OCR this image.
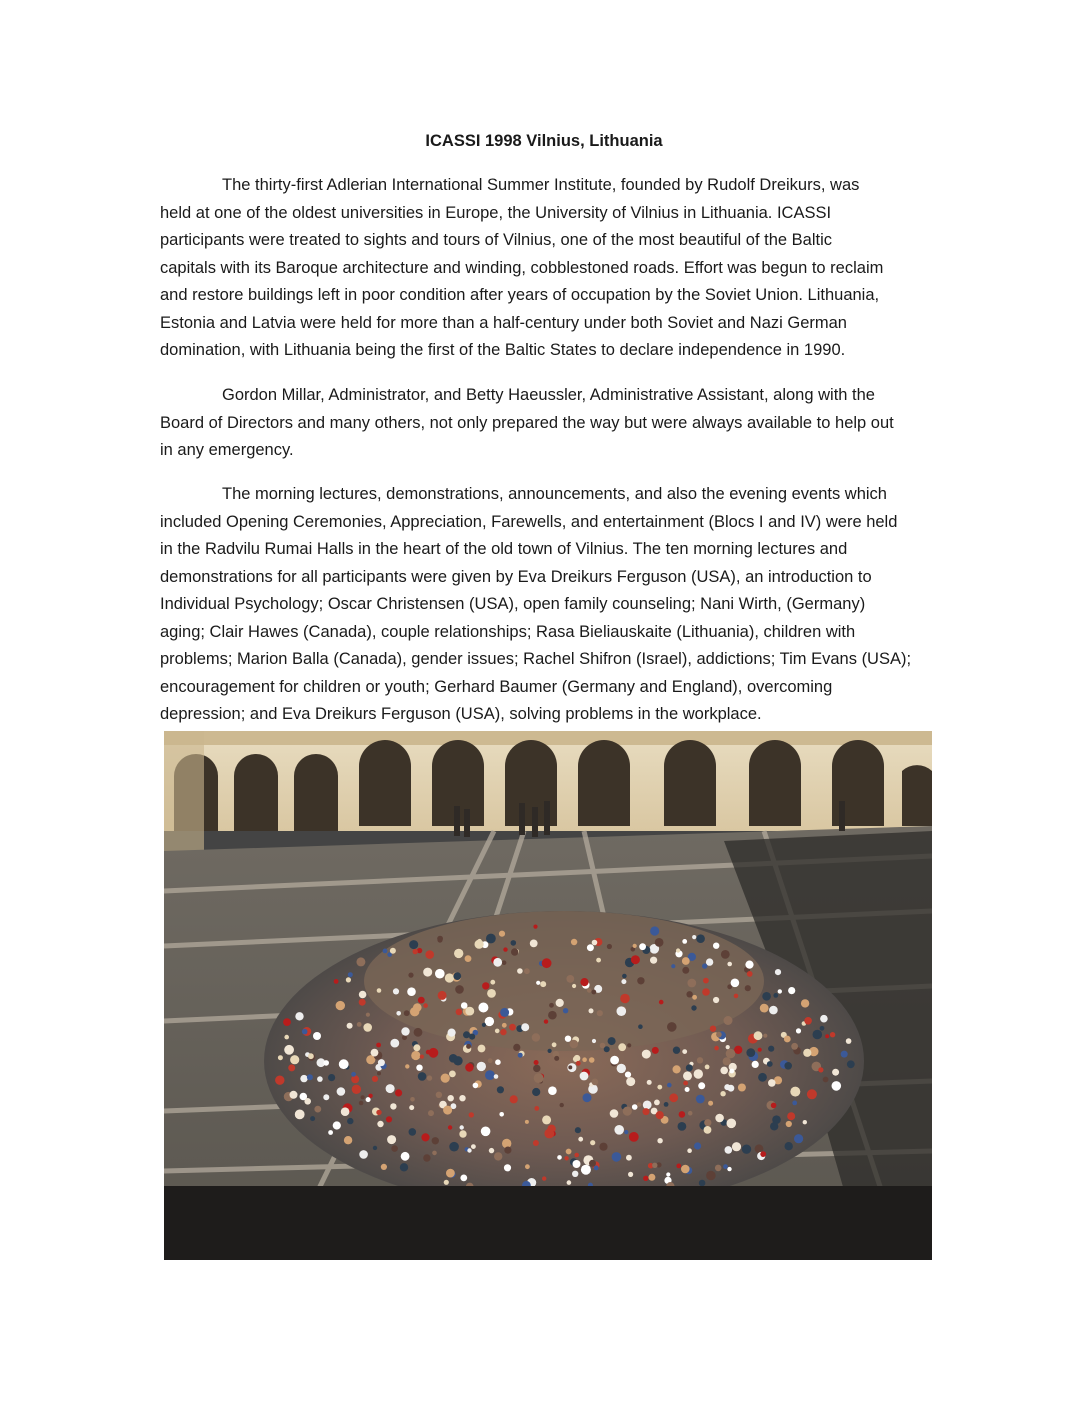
ICASSI 1998 Vilnius, Lithuania

The thirty-first Adlerian International Summer Institute, founded by Rudolf Dreikurs, was
held at one of the oldest universities in Europe, the University of Vilnius in Lithuania. ICASSI
participants were treated to sights and tours of Vilnius, one of the most beautiful of the Baltic
capitals with its Baroque architecture and winding, cobblestoned roads. Effort was begun to reclaim
and restore buildings left in poor condition after years of occupation by the Soviet Union. Lithuania,
Estonia and Latvia were held for more than a half-century under both Soviet and Nazi German
domination, with Lithuania being the first of the Baltic States to declare independence in 1990.

Gordon Millar, Administrator, and Betty Haeussler, Administrative Assistant, along with the
Board of Directors and many others, not only prepared the way but were always available to help out
in any emergency.

The morning lectures, demonstrations, announcements, and also the evening events which
included Opening Ceremonies, Appreciation, Farewells, and entertainment (Blocs I and IV) were held
in the Radvilu Rumai Halls in the heart of the old town of Vilnius. The ten morning lectures and
demonstrations for all participants were given by Eva Dreikurs Ferguson (USA), an introduction to
Individual Psychology; Oscar Christensen (USA), open family counseling; Nani Wirth, (Germany)
aging; Clair Hawes (Canada), couple relationships; Rasa Bieliauskaite (Lithuania), children with
problems; Marion Balla (Canada), gender issues; Rachel Shifron (Israel), addictions; Tim Evans (USA);
encouragement for children or youth; Gerhard Baumer (Germany and England), overcoming
depression; and Eva Dreikurs Ferguson (USA), solving problems in the workplace.
